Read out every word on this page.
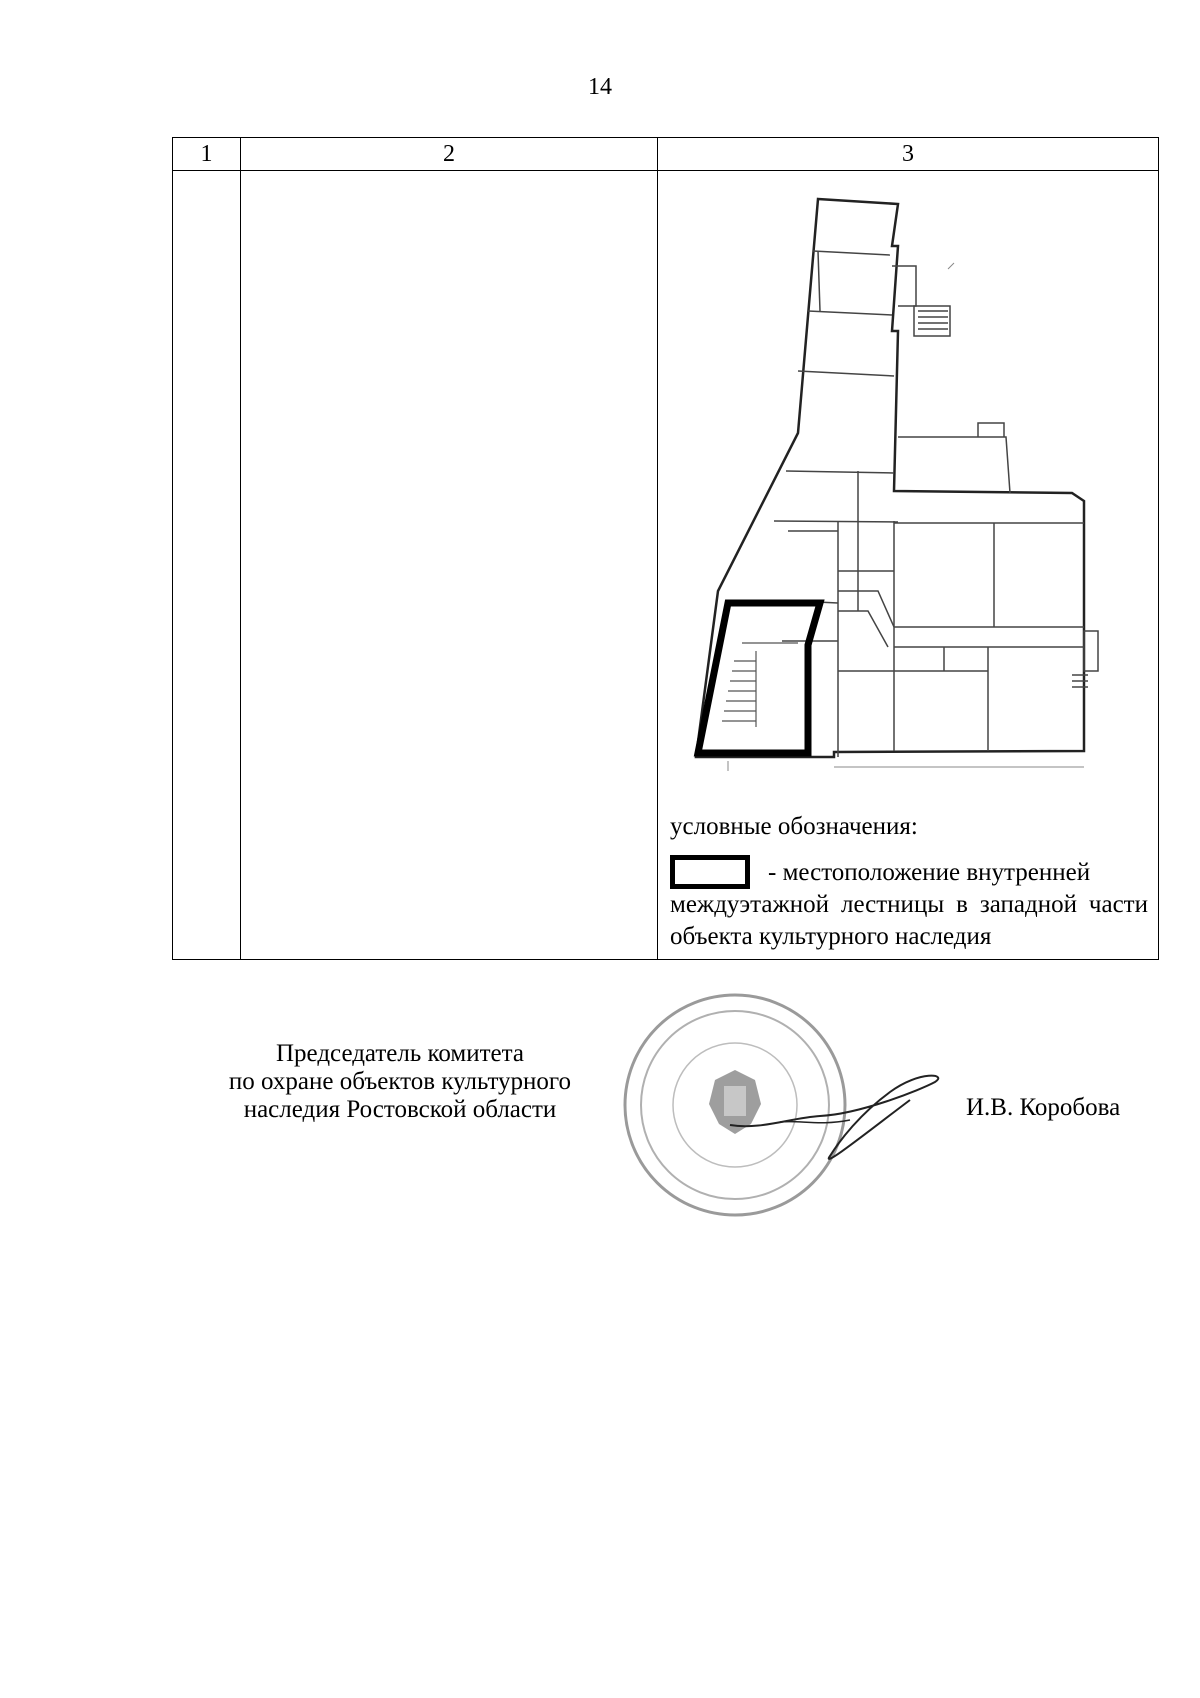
14
1	2	3

		условные обозначения:
- местоположение внутренней
междуэтажной лестницы в западной части объекта культурного наследия
Председатель комитета
по охране объектов культурного
наследия Ростовской области	И.В. Коробова
